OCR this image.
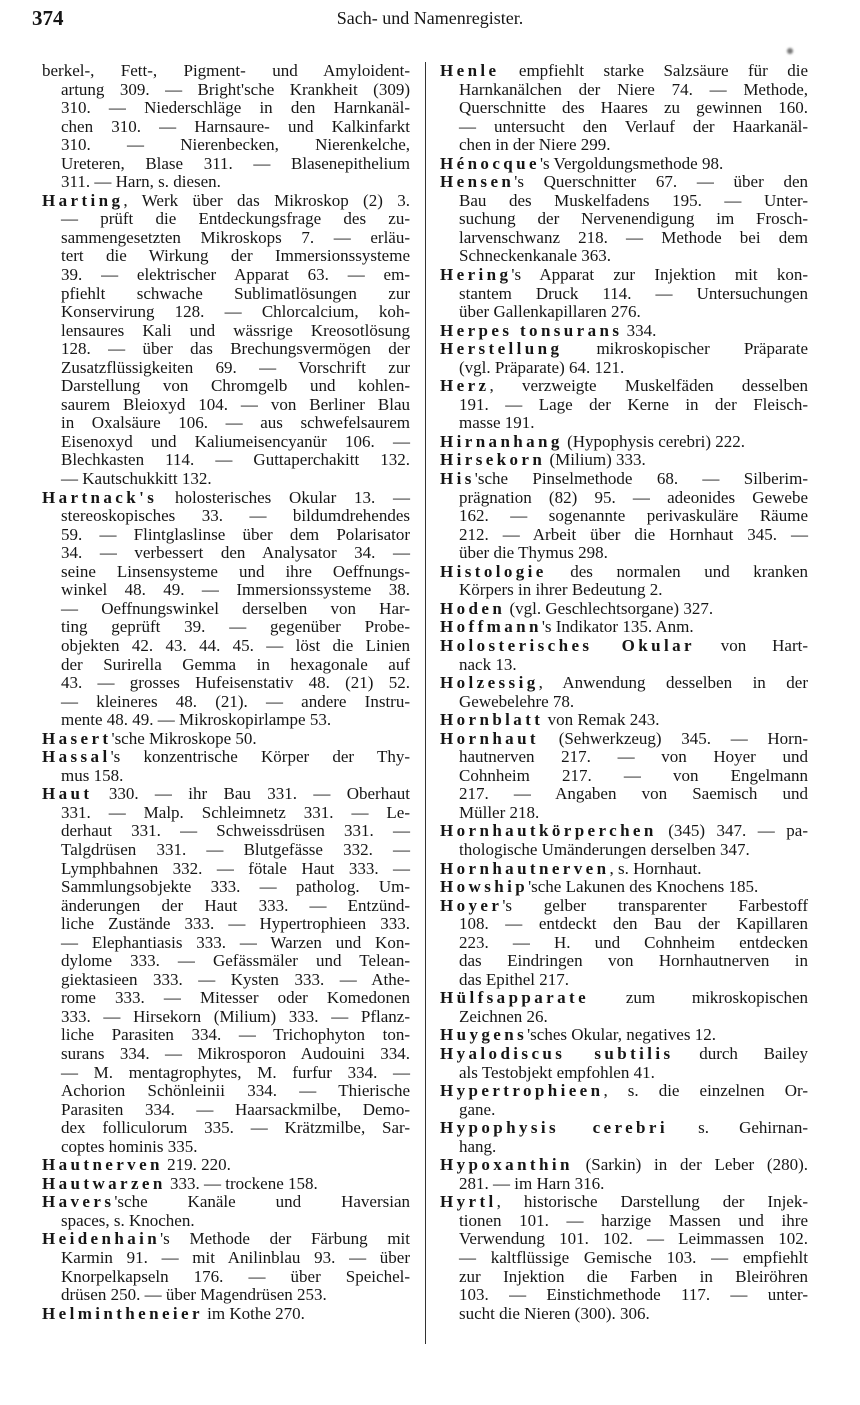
374	Sach- und Namenregister.
berkel-, Fett-, Pigment- und Amyloident-
artung 309. — Bright'sche Krankheit (309)
310. — Niederschläge in den Harnkanäl-
chen 310. — Harnsaure- und Kalkinfarkt
310. — Nierenbecken, Nierenkelche,
Ureteren, Blase 311. — Blasenepithelium
311. — Harn, s. diesen.
Harting, Werk über das Mikroskop (2) 3.
— prüft die Entdeckungsfrage des zu-
sammengesetzten Mikroskops 7. — erläu-
tert die Wirkung der Immersionssysteme
39. — elektrischer Apparat 63. — em-
pfiehlt schwache Sublimatlösungen zur
Konservirung 128. — Chlorcalcium, koh-
lensaures Kali und wässrige Kreosotlösung
128. — über das Brechungsvermögen der
Zusatzflüssigkeiten 69. — Vorschrift zur
Darstellung von Chromgelb und kohlen-
saurem Bleioxyd 104. — von Berliner Blau
in Oxalsäure 106. — aus schwefelsaurem
Eisenoxyd und Kaliumeisencyanür 106. —
Blechkasten 114. — Guttaperchakitt 132.
— Kautschukkitt 132.
Hartnack's holosterisches Okular 13. —
stereoskopisches 33. — bildumdrehendes
59. — Flintglaslinse über dem Polarisator
34. — verbessert den Analysator 34. —
seine Linsensysteme und ihre Oeffnungs-
winkel 48. 49. — Immersionssysteme 38.
— Oeffnungswinkel derselben von Har-
ting geprüft 39. — gegenüber Probe-
objekten 42. 43. 44. 45. — löst die Linien
der Surirella Gemma in hexagonale auf
43. — grosses Hufeisenstativ 48. (21) 52.
— kleineres 48. (21). — andere Instru-
mente 48. 49. — Mikroskopirlampe 53.
Hasert'sche Mikroskope 50.
Hassal's konzentrische Körper der Thy-
mus 158.
Haut 330. — ihr Bau 331. — Oberhaut
331. — Malp. Schleimnetz 331. — Le-
derhaut 331. — Schweissdrüsen 331. —
Talgdrüsen 331. — Blutgefässe 332. —
Lymphbahnen 332. — fötale Haut 333. —
Sammlungsobjekte 333. — patholog. Um-
änderungen der Haut 333. — Entzünd-
liche Zustände 333. — Hypertrophieen 333.
— Elephantiasis 333. — Warzen und Kon-
dylome 333. — Gefässmäler und Telean-
giektasieen 333. — Kysten 333. — Athe-
rome 333. — Mitesser oder Komedonen
333. — Hirsekorn (Milium) 333. — Pflanz-
liche Parasiten 334. — Trichophyton ton-
surans 334. — Mikrosporon Audouini 334.
— M. mentagrophytes, M. furfur 334. —
Achorion Schönleinii 334. — Thierische
Parasiten 334. — Haarsackmilbe, Demo-
dex folliculorum 335. — Krätzmilbe, Sar-
coptes hominis 335.
Hautnerven 219. 220.
Hautwarzen 333. — trockene 158.
Havers'sche Kanäle und Haversian
spaces, s. Knochen.
Heidenhain's Methode der Färbung mit
Karmin 91. — mit Anilinblau 93. — über
Knorpelkapseln 176. — über Speichel-
drüsen 250. — über Magendrüsen 253.
Helmintheneier im Kothe 270.
Henle empfiehlt starke Salzsäure für die
Harnkanälchen der Niere 74. — Methode,
Querschnitte des Haares zu gewinnen 160.
— untersucht den Verlauf der Haarkanäl-
chen in der Niere 299.
Hénocque's Vergoldungsmethode 98.
Hensen's Querschnitter 67. — über den
Bau des Muskelfadens 195. — Unter-
suchung der Nervenendigung im Frosch-
larvenschwanz 218. — Methode bei dem
Schneckenkanale 363.
Hering's Apparat zur Injektion mit kon-
stantem Druck 114. — Untersuchungen
über Gallenkapillaren 276.
Herpes tonsurans 334.
Herstellung mikroskopischer Präparate
(vgl. Präparate) 64. 121.
Herz, verzweigte Muskelfäden desselben
191. — Lage der Kerne in der Fleisch-
masse 191.
Hirnanhang (Hypophysis cerebri) 222.
Hirsekorn (Milium) 333.
His'sche Pinselmethode 68. — Silberim-
prägnation (82) 95. — adeonides Gewebe
162. — sogenannte perivaskuläre Räume
212. — Arbeit über die Hornhaut 345. —
über die Thymus 298.
Histologie des normalen und kranken
Körpers in ihrer Bedeutung 2.
Hoden (vgl. Geschlechtsorgane) 327.
Hoffmann's Indikator 135. Anm.
Holosterisches Okular von Hart-
nack 13.
Holzessig, Anwendung desselben in der
Gewebelehre 78.
Hornblatt von Remak 243.
Hornhaut (Sehwerkzeug) 345. — Horn-
hautnerven 217. — von Hoyer und
Cohnheim 217. — von Engelmann
217. — Angaben von Saemisch und
Müller 218.
Hornhautkörperchen (345) 347. — pa-
thologische Umänderungen derselben 347.
Hornhautnerven, s. Hornhaut.
Howship'sche Lakunen des Knochens 185.
Hoyer's gelber transparenter Farbestoff
108. — entdeckt den Bau der Kapillaren
223. — H. und Cohnheim entdecken
das Eindringen von Hornhautnerven in
das Epithel 217.
Hülfsapparate zum mikroskopischen
Zeichnen 26.
Huygens'sches Okular, negatives 12.
Hyalodiscus subtilis durch Bailey
als Testobjekt empfohlen 41.
Hypertrophieen, s. die einzelnen Or-
gane.
Hypophysis cerebri s. Gehirnan-
hang.
Hypoxanthin (Sarkin) in der Leber (280).
281. — im Harn 316.
Hyrtl, historische Darstellung der Injek-
tionen 101. — harzige Massen und ihre
Verwendung 101. 102. — Leimmassen 102.
— kaltflüssige Gemische 103. — empfiehlt
zur Injektion die Farben in Bleiröhren
103. — Einstichmethode 117. — unter-
sucht die Nieren (300). 306.
